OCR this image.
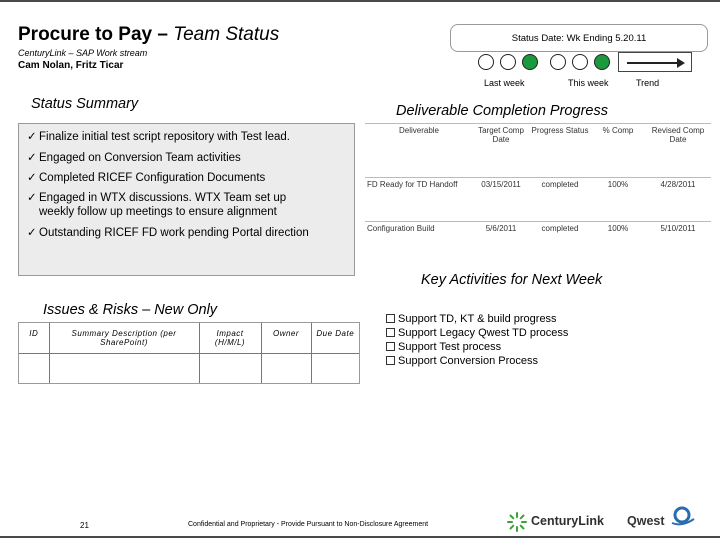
Procure to Pay – Team Status	Status Date: Wk Ending 5.20.11
CenturyLink – SAP Work stream
Cam Nolan, Fritz Ticar
Last week	This week	Trend
Status Summary
✓ Finalize initial test script repository with Test lead.
✓ Engaged on Conversion Team activities
✓ Completed RICEF Configuration Documents
✓ Engaged in WTX discussions. WTX Team set up
weekly follow up meetings to ensure alignment
✓ Outstanding RICEF FD work pending Portal direction
Deliverable Completion Progress
Deliverable	Target Comp Date	Progress Status	% Comp	Revised Comp Date
FD Ready for TD Handoff	03/15/2011	completed	100%	4/28/2011
Configuration Build	5/6/2011	completed	100%	5/10/2011
Key Activities for Next Week
Support TD, KT & build progress
Support Legacy Qwest TD process
Support Test process
Support Conversion Process
Issues & Risks – New Only
ID	Summary Description (per SharePoint)	Impact (H/M/L)	Owner	Due Date

21	Confidential and Proprietary - Provide Pursuant to Non-Disclosure Agreement	CenturyLink Qwest
